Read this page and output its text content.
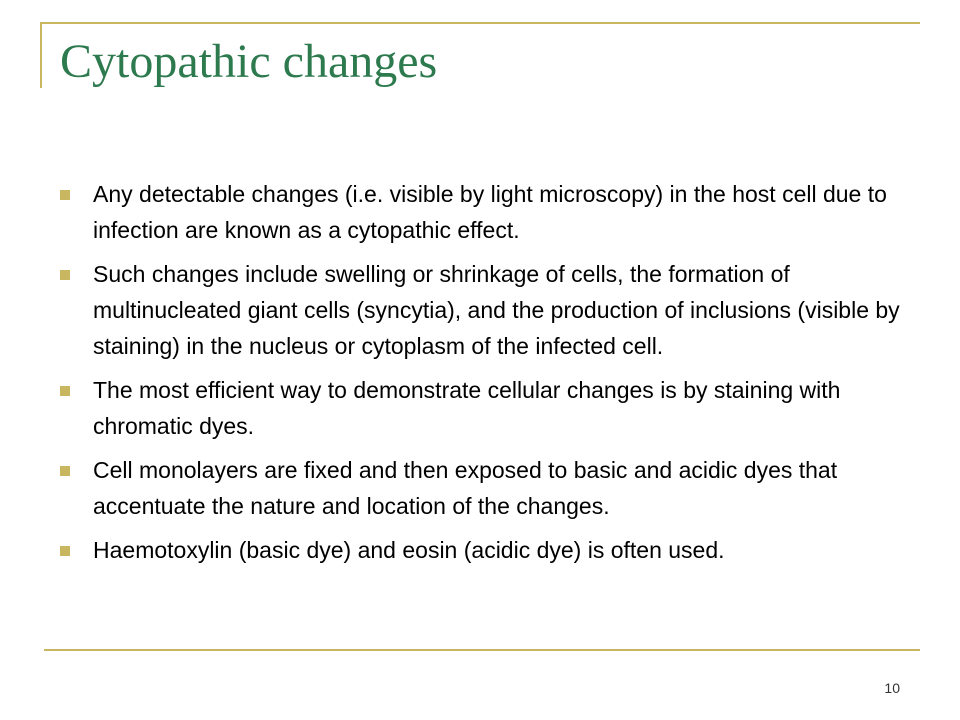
Cytopathic changes
Any detectable changes (i.e. visible by light microscopy) in the host cell due to infection are known as a cytopathic effect.
Such changes include swelling or shrinkage of cells, the formation of multinucleated giant cells (syncytia), and the production of inclusions (visible by staining) in the nucleus or cytoplasm of the infected cell.
The most efficient way to demonstrate cellular changes is by staining with chromatic dyes.
Cell monolayers are fixed and then exposed to basic and acidic dyes that accentuate the nature and location of the changes.
Haemotoxylin (basic dye) and eosin (acidic dye) is often used.
10
